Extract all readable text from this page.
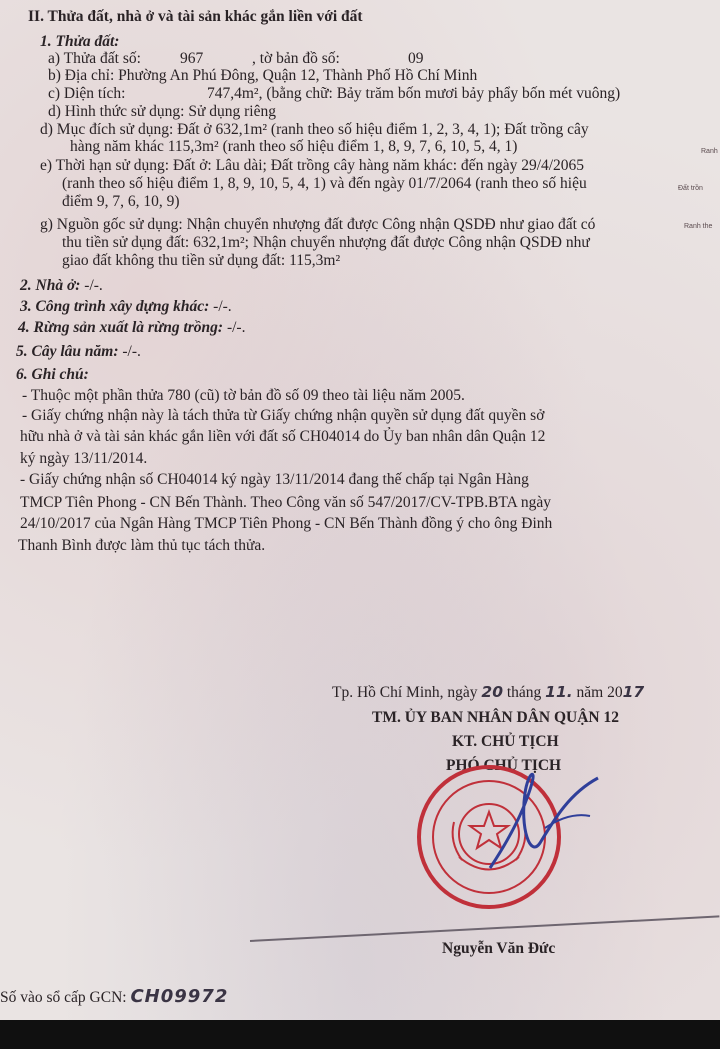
II. Thửa đất, nhà ở và tài sản khác gắn liền với đất
1. Thửa đất:
a) Thửa đất số:	967	, tờ bản đồ số:	09
b) Địa chỉ: Phường An Phú Đông, Quận 12, Thành Phố Hồ Chí Minh
c) Diện tích:	747,4m², (bằng chữ: Bảy trăm bốn mươi bảy phẩy bốn mét vuông)
d) Hình thức sử dụng: Sử dụng riêng
d) Mục đích sử dụng: Đất ở 632,1m² (ranh theo số hiệu điểm 1, 2, 3, 4, 1); Đất trồng cây
hàng năm khác 115,3m² (ranh theo số hiệu điểm 1, 8, 9, 7, 6, 10, 5, 4, 1)	Ranh
e) Thời hạn sử dụng: Đất ở: Lâu dài; Đất trồng cây hàng năm khác: đến ngày 29/4/2065
(ranh theo số hiệu điểm 1, 8, 9, 10, 5, 4, 1) và đến ngày 01/7/2064 (ranh theo số hiệu	Đất trồn
điểm 9, 7, 6, 10, 9)
g) Nguồn gốc sử dụng: Nhận chuyển nhượng đất được Công nhận QSDĐ như giao đất có	Ranh the
thu tiền sử dụng đất: 632,1m²; Nhận chuyển nhượng đất được Công nhận QSDĐ như
giao đất không thu tiền sử dụng đất: 115,3m²
2. Nhà ở: -/-.
3. Công trình xây dựng khác: -/-.
4. Rừng sản xuất là rừng trồng: -/-.
5. Cây lâu năm: -/-.
6. Ghi chú:
- Thuộc một phần thửa 780 (cũ) tờ bản đồ số 09 theo tài liệu năm 2005.
- Giấy chứng nhận này là tách thửa từ Giấy chứng nhận quyền sử dụng đất quyền sở
hữu nhà ở và tài sản khác gắn liền với đất số CH04014 do Ủy ban nhân dân Quận 12
ký ngày 13/11/2014.
- Giấy chứng nhận số CH04014 ký ngày 13/11/2014 đang thế chấp tại Ngân Hàng
TMCP Tiên Phong - CN Bến Thành. Theo Công văn số 547/2017/CV-TPB.BTA ngày
24/10/2017 của Ngân Hàng TMCP Tiên Phong - CN Bến Thành đồng ý cho ông Đinh
Thanh Bình được làm thủ tục tách thửa.
Tp. Hồ Chí Minh, ngày 20 tháng 11. năm 2017
TM. ỦY BAN NHÂN DÂN QUẬN 12
KT. CHỦ TỊCH
PHÓ CHỦ TỊCH
Nguyễn Văn Đức
Số vào sổ cấp GCN: CH09972
